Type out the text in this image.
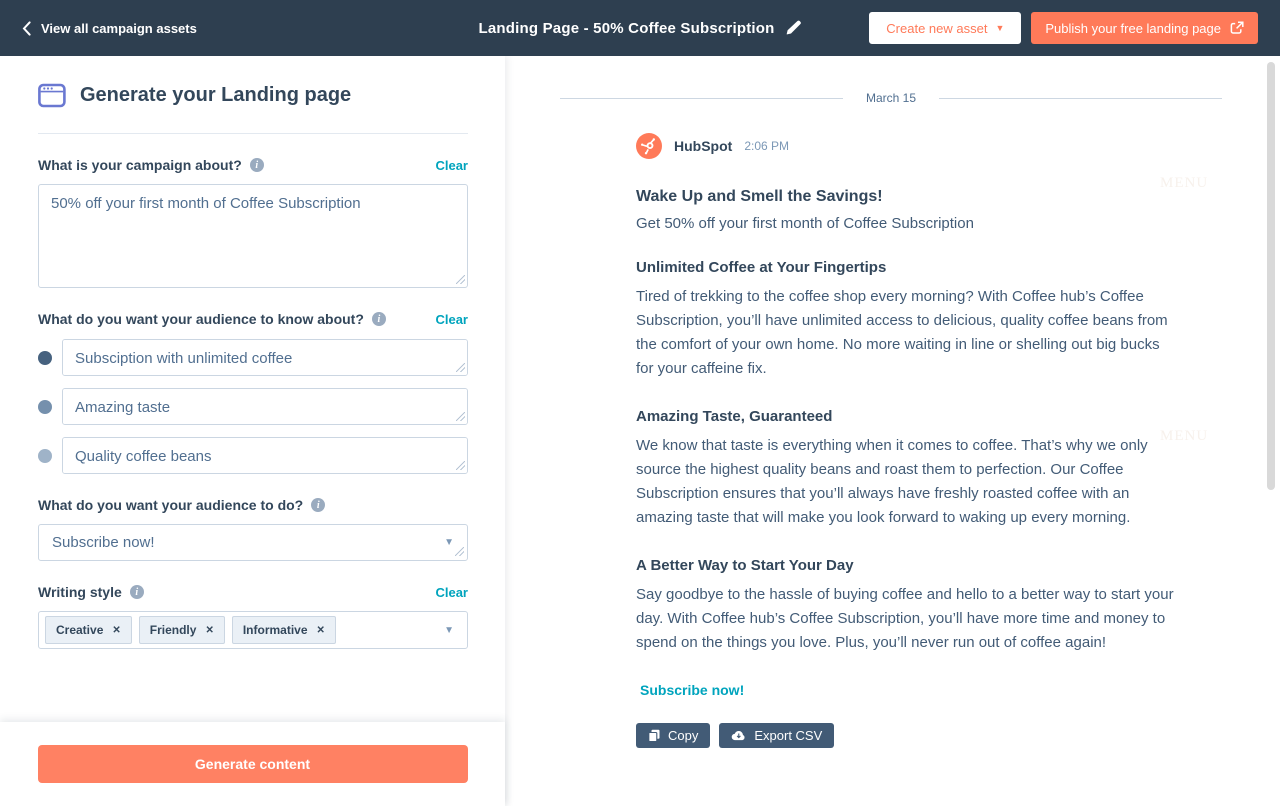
View all campaign assets	Landing Page - 50% Coffee Subscription	Create new asset ▼	Publish your free landing page
Generate your Landing page
What is your campaign about?	i	Clear
50% off your first month of Coffee Subscription
What do you want your audience to know about?	i	Clear
Subsciption with unlimited coffee
Amazing taste
Quality coffee beans
What do you want your audience to do?	i
Subscribe now!	▼
Writing style	i	Clear
Creative ✕ Friendly ✕ Informative ✕	▼
Generate content
MENU
MENU
March 15
HubSpot 2:06 PM
Wake Up and Smell the Savings!
Get 50% off your first month of Coffee Subscription
Unlimited Coffee at Your Fingertips
Tired of trekking to the coffee shop every morning? With Coffee hub’s Coffee Subscription, you’ll have unlimited access to delicious, quality coffee beans from the comfort of your own home. No more waiting in line or shelling out big bucks for your caffeine fix.
Amazing Taste, Guaranteed
We know that taste is everything when it comes to coffee. That’s why we only source the highest quality beans and roast them to perfection. Our Coffee Subscription ensures that you’ll always have freshly roasted coffee with an amazing taste that will make you look forward to waking up every morning.
A Better Way to Start Your Day
Say goodbye to the hassle of buying coffee and hello to a better way to start your day. With Coffee hub’s Coffee Subscription, you’ll have more time and money to spend on the things you love. Plus, you’ll never run out of coffee again!
Subscribe now!
Copy	Export CSV
